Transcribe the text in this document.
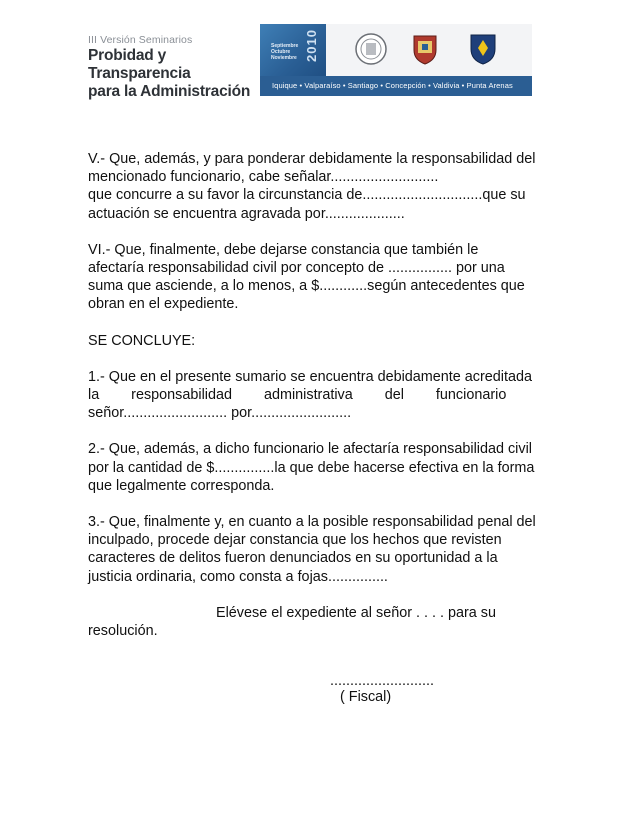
III Versión Seminarios
Probidad y Transparencia
para la Administración
Septiembre
Octubre
Noviembre 2010
Iquique • Valparaíso • Santiago • Concepción • Valdivia • Punta Arenas
V.- Que, además, y para ponderar debidamente la responsabilidad del
mencionado funcionario, cabe señalar...........................
que concurre a su favor la circunstancia de..............................que su
actuación se encuentra agravada por....................
VI.- Que, finalmente, debe dejarse constancia que también le
afectaría responsabilidad civil por concepto de ................ por una
suma que asciende, a lo menos, a $............según antecedentes que
obran en el expediente.
SE CONCLUYE:
1.- Que en el presente sumario se encuentra debidamente acreditada
la        responsabilidad        administrativa        del        funcionario
señor.......................... por.........................
2.- Que, además, a dicho funcionario le afectaría responsabilidad civil
por la cantidad de $...............la que debe hacerse efectiva en la forma
que legalmente corresponda.
3.- Que, finalmente y, en cuanto a la posible responsabilidad penal del
inculpado, procede dejar constancia que los hechos que revisten
caracteres de delitos fueron denunciados en su oportunidad a la
justicia ordinaria, como consta a fojas...............
Elévese el expediente al señor . . . . para su
resolución.
..........................
( Fiscal)
